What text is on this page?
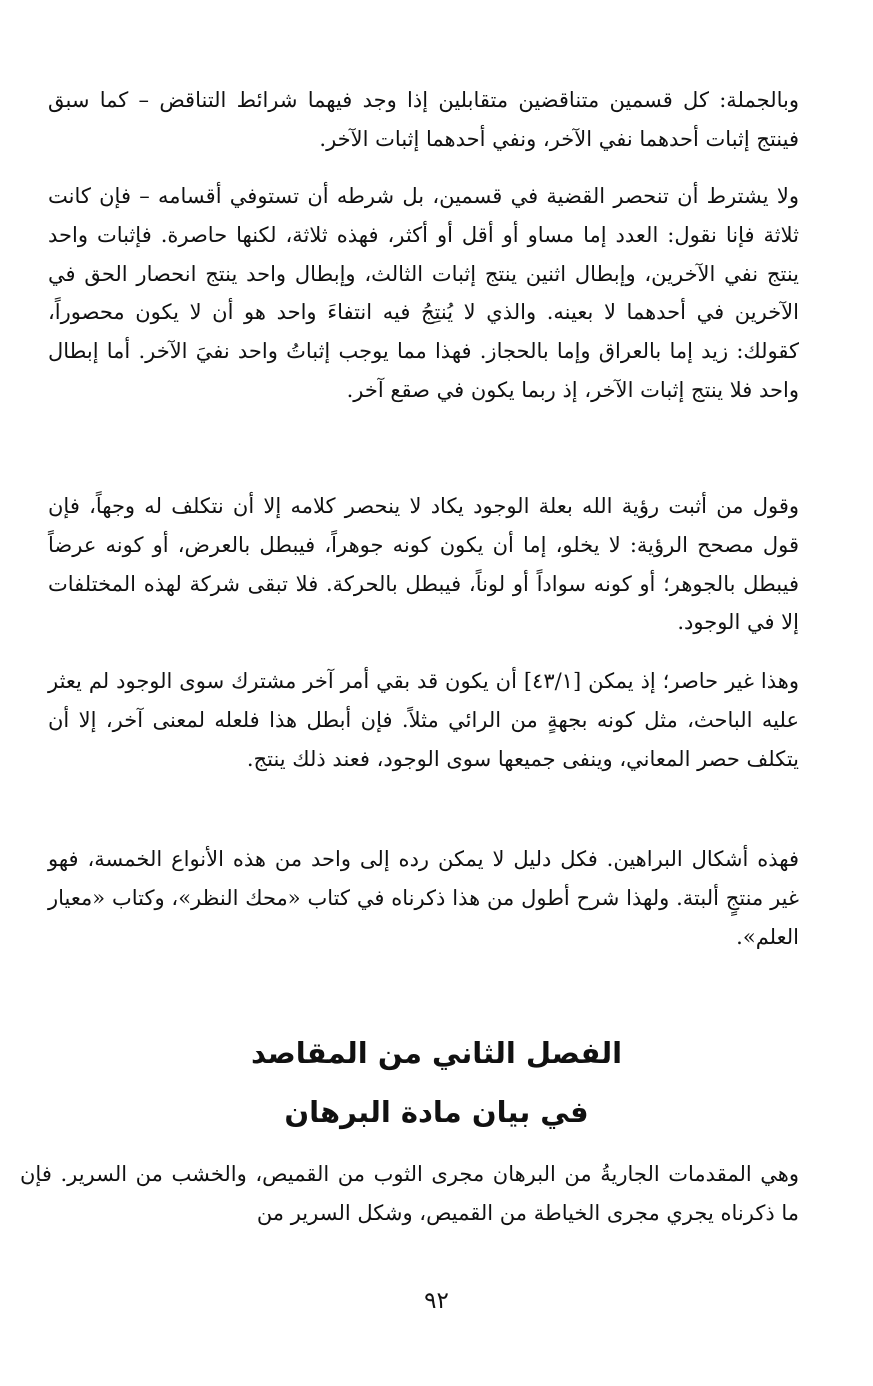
وبالجملة: كل قسمين متناقضين متقابلين إذا وجد فيهما شرائط التناقض – كما سبق فينتج إثبات أحدهما نفي الآخر، ونفي أحدهما إثبات الآخر.

ولا يشترط أن تنحصر القضية في قسمين، بل شرطه أن تستوفي أقسامه – فإن كانت ثلاثة فإنا نقول: العدد إما مساو أو أقل أو أكثر، فهذه ثلاثة، لكنها حاصرة. فإثبات واحد ينتج نفي الآخرين، وإبطال اثنين ينتج إثبات الثالث، وإبطال واحد ينتج انحصار الحق في الآخرين في أحدهما لا بعينه. والذي لا يُنتِجُ فيه انتفاءَ واحد هو أن لا يكون محصوراً، كقولك: زيد إما بالعراق وإما بالحجاز. فهذا مما يوجب إثباتُ واحد نفيَ الآخر. أما إبطال واحد فلا ينتج إثبات الآخر، إذ ربما يكون في صقع آخر.

وقول من أثبت رؤية الله بعلة الوجود يكاد لا ينحصر كلامه إلا أن نتكلف له وجهاً، فإن قول مصحح الرؤية: لا يخلو، إما أن يكون كونه جوهراً، فيبطل بالعرض، أو كونه عرضاً فيبطل بالجوهر؛ أو كونه سواداً أو لوناً، فيبطل بالحركة. فلا تبقى شركة لهذه المختلفات إلا في الوجود.

وهذا غير حاصر؛ إذ يمكن [٤٣/١] أن يكون قد بقي أمر آخر مشترك سوى الوجود لم يعثر عليه الباحث، مثل كونه بجهةٍ من الرائي مثلاً. فإن أبطل هذا فلعله لمعنى آخر، إلا أن يتكلف حصر المعاني، وينفى جميعها سوى الوجود، فعند ذلك ينتج.

فهذه أشكال البراهين. فكل دليل لا يمكن رده إلى واحد من هذه الأنواع الخمسة، فهو غير منتجٍ ألبتة. ولهذا شرح أطول من هذا ذكرناه في كتاب «محك النظر»، وكتاب «معيار العلم».

الفصل الثاني من المقاصد
في بيان مادة البرهان

وهي المقدمات الجاريةُ من البرهان مجرى الثوب من القميص، والخشب من السرير. فإن ما ذكرناه يجري مجرى الخياطة من القميص، وشكل السرير من

٩٢
